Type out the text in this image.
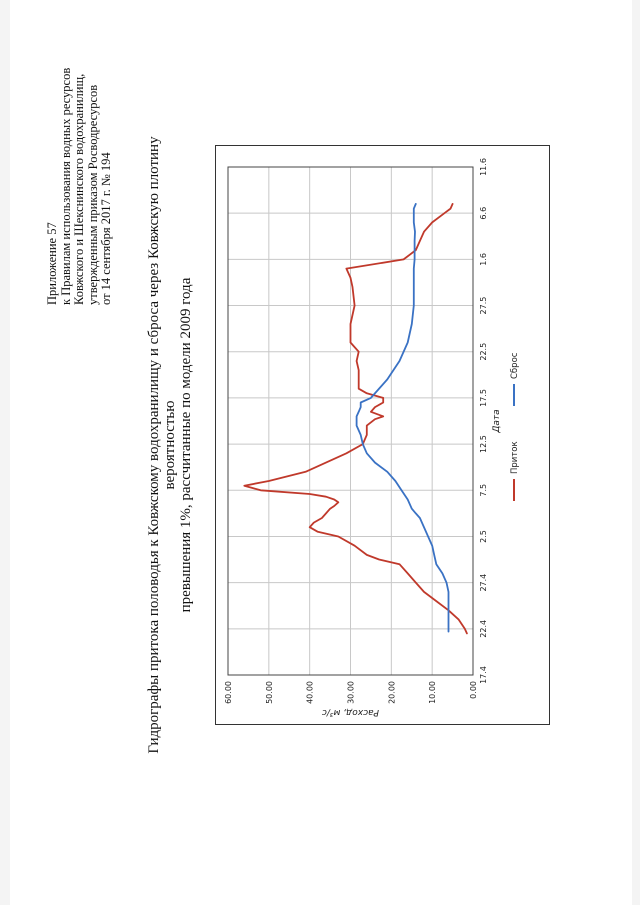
Приложение 57 к Правилам использования водных ресурсов Ковжского и Шекснинского водохранилищ, утвержденным приказом Росводресурсов от 14 сентября 2017 г. № 194 Гидрографы притока половодья к Ковжскому водохранилищу и сброса через Ковжскую плотину вероятностью превышения 1%, рассчитанные по модели 2009 года
0.00
10.00
20.00
30.00
40.00
50.00
60.00
17.4
22.4
27.4
2.5
7.5
12.5
17.5
22.5
27.5
1.6
6.6
11.6
Дата
Расход, м³/с
Приток
Сброс
